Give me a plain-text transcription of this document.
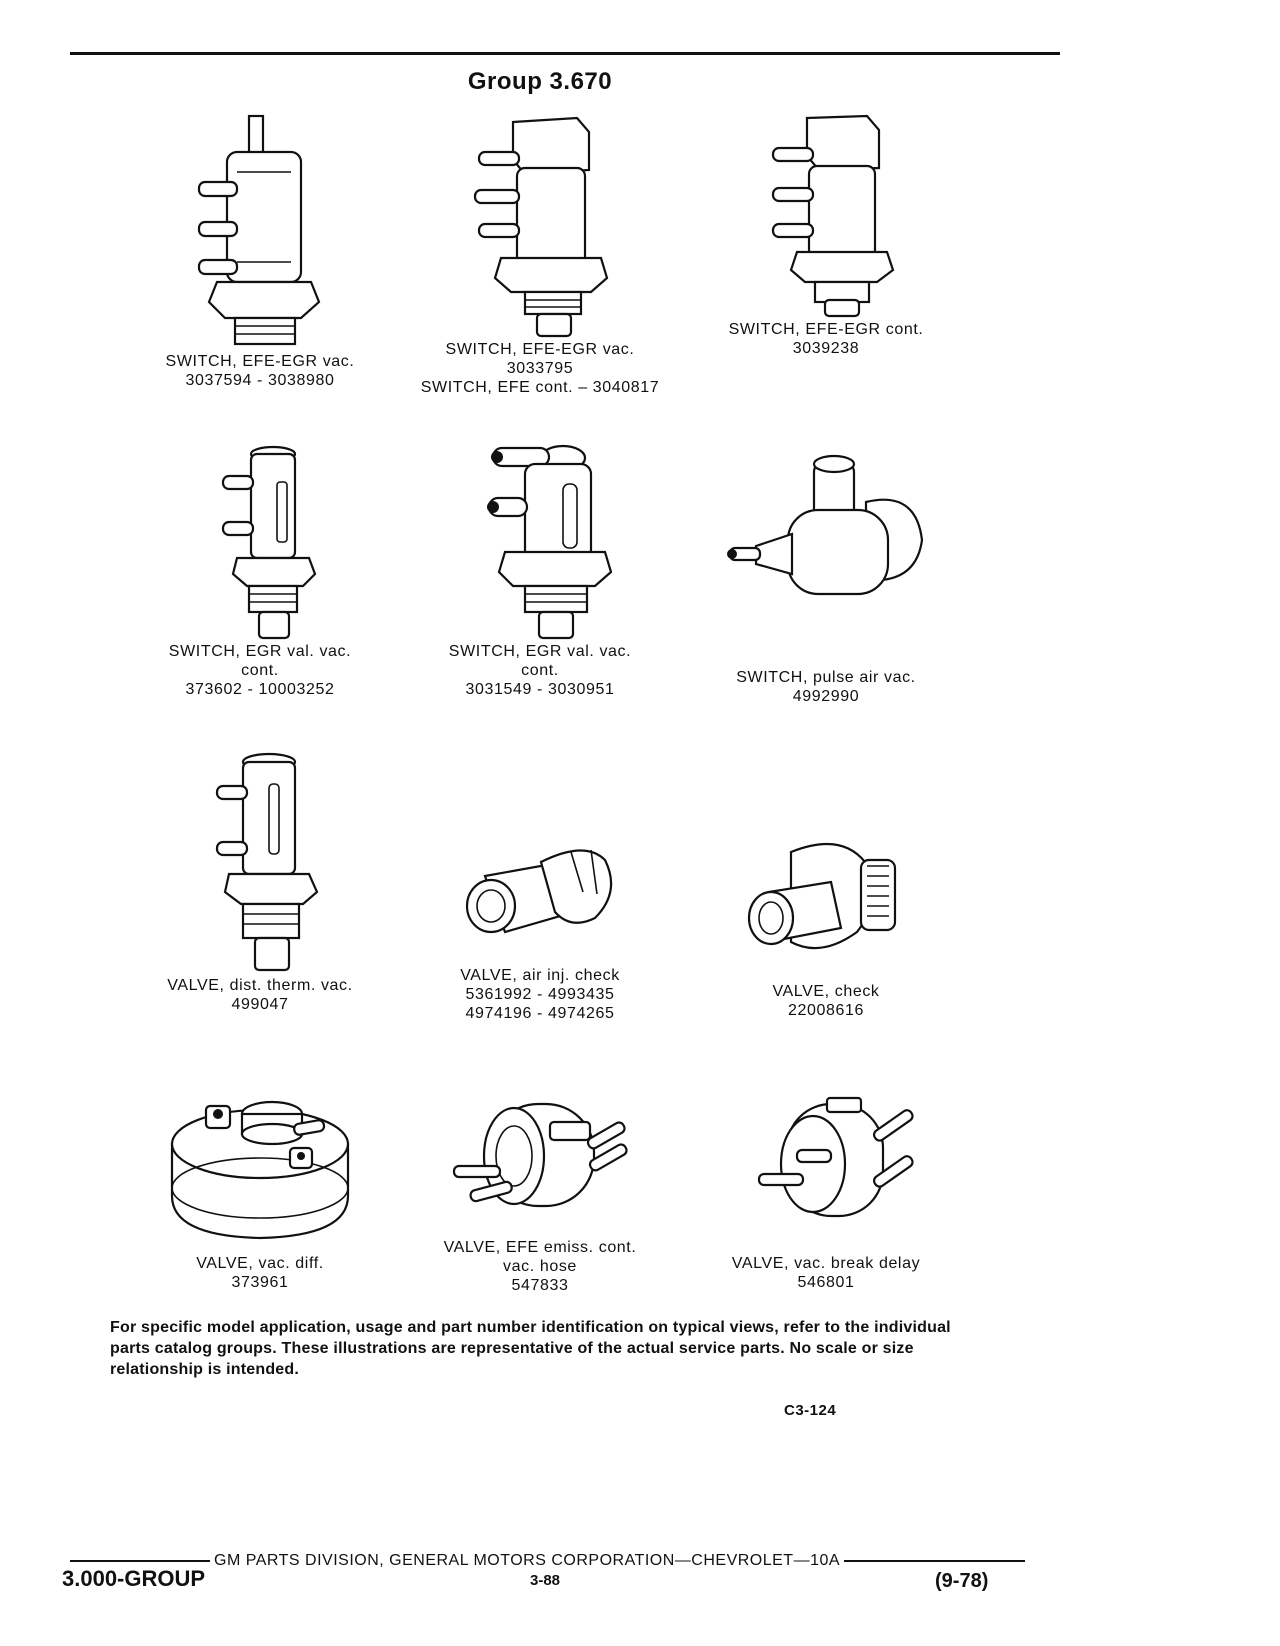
Group 3.670
SWITCH, EFE-EGR vac.
3037594 - 3038980
SWITCH, EFE-EGR vac.
3033795
SWITCH, EFE cont. – 3040817
SWITCH, EFE-EGR cont.
3039238
SWITCH, EGR val. vac.
cont.
373602 - 10003252
SWITCH, EGR val. vac.
cont.
3031549 - 3030951
SWITCH, pulse air vac.
4992990
VALVE, dist. therm. vac.
499047
VALVE, air inj. check
5361992 - 4993435
4974196 - 4974265
VALVE, check
22008616
VALVE, vac. diff.
373961
VALVE, EFE emiss. cont.
vac. hose
547833
VALVE, vac. break delay
546801
For specific model application, usage and part number identification on typical views, refer to the individual parts catalog groups. These illustrations are representative of the actual service parts. No scale or size relationship is intended.
C3-124
GM PARTS DIVISION, GENERAL MOTORS CORPORATION—CHEVROLET—10A
3.000-GROUP	3-88	(9-78)
